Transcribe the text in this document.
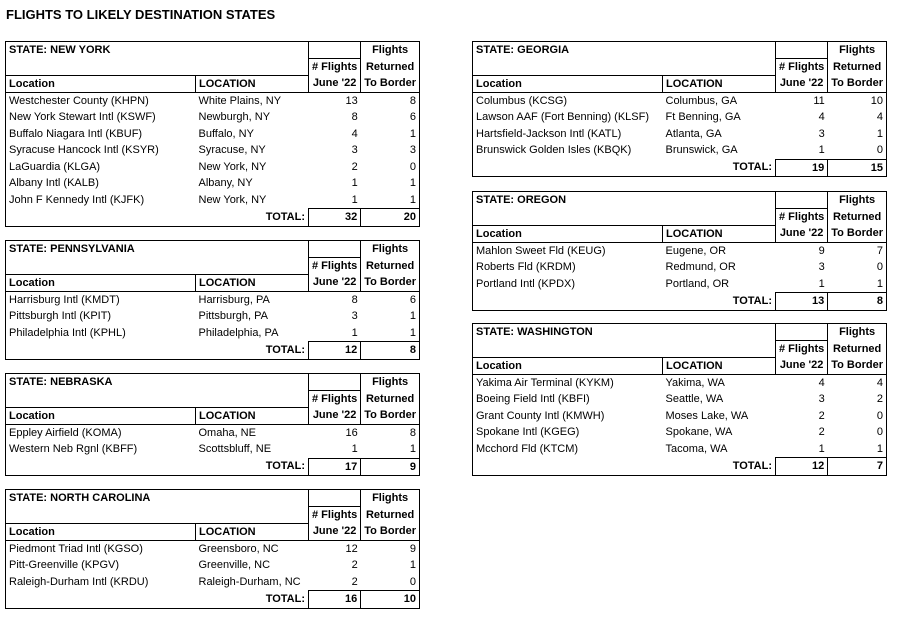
FLIGHTS TO LIKELY DESTINATION STATES
STATE: NEW YORK			Flights
		# Flights	Returned
Location	LOCATION	June '22	To Border
Westchester County (KHPN)	White Plains, NY	13	8
New York Stewart Intl (KSWF)	Newburgh, NY	8	6
Buffalo Niagara Intl (KBUF)	Buffalo, NY	4	1
Syracuse Hancock Intl (KSYR)	Syracuse, NY	3	3
LaGuardia (KLGA)	New York, NY	2	0
Albany Intl (KALB)	Albany, NY	1	1
John F Kennedy Intl (KJFK)	New York, NY	1	1
	TOTAL:	32	20
STATE: PENNSYLVANIA			Flights
		# Flights	Returned
Location	LOCATION	June '22	To Border
Harrisburg Intl (KMDT)	Harrisburg, PA	8	6
Pittsburgh Intl (KPIT)	Pittsburgh, PA	3	1
Philadelphia Intl (KPHL)	Philadelphia, PA	1	1
	TOTAL:	12	8
STATE: NEBRASKA			Flights
		# Flights	Returned
Location	LOCATION	June '22	To Border
Eppley Airfield (KOMA)	Omaha, NE	16	8
Western Neb Rgnl (KBFF)	Scottsbluff, NE	1	1
	TOTAL:	17	9
STATE: NORTH CAROLINA			Flights
		# Flights	Returned
Location	LOCATION	June '22	To Border
Piedmont Triad Intl (KGSO)	Greensboro, NC	12	9
Pitt-Greenville (KPGV)	Greenville, NC	2	1
Raleigh-Durham Intl (KRDU)	Raleigh-Durham, NC	2	0
	TOTAL:	16	10
STATE: GEORGIA			Flights
		# Flights	Returned
Location	LOCATION	June '22	To Border
Columbus (KCSG)	Columbus, GA	11	10
Lawson AAF (Fort Benning) (KLSF)	Ft Benning, GA	4	4
Hartsfield-Jackson Intl (KATL)	Atlanta, GA	3	1
Brunswick Golden Isles (KBQK)	Brunswick, GA	1	0
	TOTAL:	19	15
STATE: OREGON			Flights
		# Flights	Returned
Location	LOCATION	June '22	To Border
Mahlon Sweet Fld (KEUG)	Eugene, OR	9	7
Roberts Fld (KRDM)	Redmund, OR	3	0
Portland Intl (KPDX)	Portland, OR	1	1
	TOTAL:	13	8
STATE: WASHINGTON			Flights
		# Flights	Returned
Location	LOCATION	June '22	To Border
Yakima Air Terminal (KYKM)	Yakima, WA	4	4
Boeing Field Intl (KBFI)	Seattle, WA	3	2
Grant County Intl (KMWH)	Moses Lake, WA	2	0
Spokane Intl (KGEG)	Spokane, WA	2	0
Mcchord Fld (KTCM)	Tacoma, WA	1	1
	TOTAL:	12	7
